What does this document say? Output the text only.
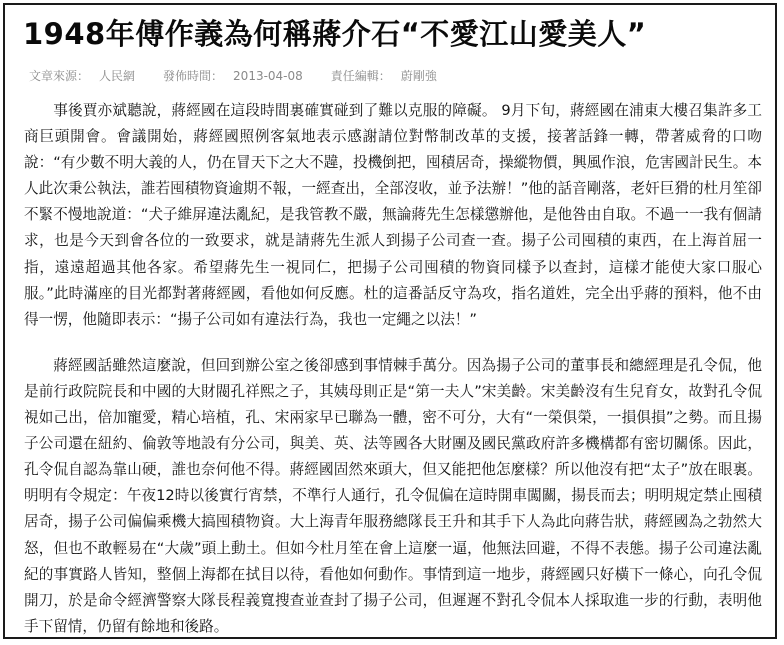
1948年傅作義為何稱蔣介石“不愛江山愛美人”
文章來源： 人民網 發佈時間： 2013-04-08 責任編輯： 蔚剛強

事後賈亦斌聽說，蔣經國在這段時間裏確實碰到了難以克服的障礙。 9月下旬，蔣經國在浦東大樓召集許多工商巨頭開會。會議開始，蔣經國照例客氣地表示感謝請位對幣制改革的支援，接著話鋒一轉，帶著威脅的口吻說：“有少數不明大義的人，仍在冒天下之大不韙，投機倒把，囤積居奇，操縱物價，興風作浪，危害國計民生。本人此次秉公執法，誰若囤積物資逾期不報，一經查出，全部沒收，並予法辦！”他的話音剛落，老奸巨猾的杜月笙卻不緊不慢地說道：“犬子維屏違法亂紀，是我管教不嚴，無論蔣先生怎樣懲辦他，是他咎由自取。不過一一我有個請求，也是今天到會各位的一致要求，就是請蔣先生派人到揚子公司查一查。揚子公司囤積的東西，在上海首屈一指，遠遠超過其他各家。希望蔣先生一視同仁，把揚子公司囤積的物資同樣予以查封，這樣才能使大家口服心服。”此時滿座的目光都對著蔣經國，看他如何反應。杜的這番話反守為攻，指名道姓，完全出乎蔣的預料，他不由得一愣，他隨即表示：“揚子公司如有違法行為，我也一定繩之以法！”

蔣經國話雖然這麼說，但回到辦公室之後卻感到事情棘手萬分。因為揚子公司的董事長和總經理是孔令侃，他是前行政院院長和中國的大財閥孔祥熙之子，其姨母則正是“第一夫人”宋美齡。宋美齡沒有生兒育女，故對孔令侃視如己出，倍加寵愛，精心培植，孔、宋兩家早已聯為一體，密不可分，大有“一榮俱榮，一損俱損”之勢。而且揚子公司還在紐約、倫敦等地設有分公司，與美、英、法等國各大財團及國民黨政府許多機構都有密切關係。因此，孔令侃自認為靠山硬，誰也奈何他不得。蔣經國固然來頭大，但又能把他怎麼樣？所以他沒有把“太子”放在眼裏。明明有令規定：午夜12時以後實行宵禁，不準行人通行，孔令侃偏在這時開車闖關，揚長而去；明明規定禁止囤積居奇，揚子公司偏偏乘機大搞囤積物資。大上海青年服務總隊長王升和其手下人為此向蔣告狀，蔣經國為之勃然大怒，但也不敢輕易在“大歲”頭上動土。但如今杜月笙在會上這麼一逼，他無法回避，不得不表態。揚子公司違法亂紀的事實路人皆知，整個上海都在拭目以待，看他如何動作。事情到這一地步，蔣經國只好橫下一條心，向孔令侃開刀，於是命令經濟警察大隊長程義寬搜查並查封了揚子公司，但遲遲不對孔令侃本人採取進一步的行動，表明他手下留情，仍留有餘地和後路。
